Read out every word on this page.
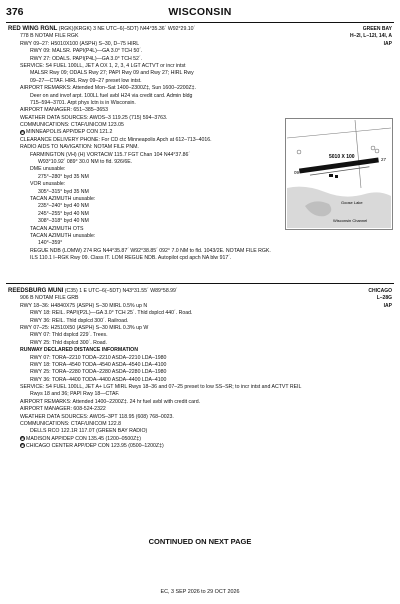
376	WISCONSIN
RED WING RGNL (RGK)(KRGK) 3 NE UTC–6(–5DT) N44°35.36´ W92°29.10´	GREEN BAY
778 B NOTAM FILE RGK	H–2I, L–12I, 14I, A
RWY 09–27: H5010X100 (ASPH) S–30, D–75 HIRL	IAP
RWY 09: MALSR. PAPI(P4L)—GA 3.0° TCH 50´.
RWY 27: ODALS. PAPI(P4L)—GA 3.0° TCH 52´.
SERVICE: S4 FUEL 100LL, JET A OX 1, 2, 3, 4 LGT ACTVT or incr intst
MALSR Rwy 09; ODALS Rwy 27; PAPI Rwy 09 and Rwy 27; HIRL Rwy
09–27—CTAF. HIRL Rwy 09–27 preset low intst.
AIRPORT REMARKS: Attended Mon–Sat 1400–2300Z‡, Sun 1600–2200Z‡.
Deer on and invof arpt. 100LL fuel avbl H24 via credit card. Admin bldg
715–594–3701. Arpt phys lctn is in Wisconsin.
AIRPORT MANAGER: 651–385–3653
WEATHER DATA SOURCES: AWOS–3 119.25 (715) 594–3763.
COMMUNICATIONS: CTAF/UNICOM 123.05
R MINNEAPOLIS APP/DEP CON 121.2
CLEARANCE DELIVERY PHONE: For CD ctc Minneapolis Apch at 612–713–4016.
RADIO AIDS TO NAVIGATION: NOTAM FILE PNM.
FARMINGTON (VH) (H) VORTACW 115.7 FGT Chan 104 N44°37.86´
W93°10.92´ 089° 30.0 NM to fld. 926/6E.
DME unusable:
275°–280° byd 35 NM
VOR unusable:
305°–315° byd 35 NM
TACAN AZIMUTH unusable:
235°–240° byd 40 NM
245°–255° byd 40 NM
308°–318° byd 40 NM
TACAN AZIMUTH OTS
TACAN AZIMUTH unusable:
140°–359°
REGUE NDB (LOMW) 274 RG N44°35.87´ W92°38.85´ 092° 7.0 NM to fld. 1043/2E. NOTAM FILE RGK.
ILS 110.1 I–RGK Rwy 09. Class IT. LOM REGUE NDB. Autopilot cpd apch NA blw 917´.
5010 X 100
09
27
Goose Lake
Wisconsin Channel
REEDSBURG MUNI (C35) 1 E UTC–6(–5DT) N43°31.55´ W89°58.99´	CHICAGO
906 B NOTAM FILE GRB	L–28G
RWY 18–36: H4840X75 (ASPH) S–30 MIRL 0.5% up N	IAP
RWY 18: REIL. PAPI(P2L)—GA 3.0° TCH 25´. Thld dsplcd 440´. Road.
RWY 36: REIL. Thld dsplcd 300´. Railroad.
RWY 07–25: H2510X50 (ASPH) S–30 MIRL 0.3% up W
RWY 07: Thld dsplcd 229´. Trees.
RWY 25: Thld dsplcd 300´. Road.
RUNWAY DECLARED DISTANCE INFORMATION
RWY 07: TORA–2210 TODA–2210 ASDA–2210 LDA–1980
RWY 18: TORA–4540 TODA–4540 ASDA–4540 LDA–4100
RWY 25: TORA–2280 TODA–2280 ASDA–2280 LDA–1980
RWY 36: TORA–4400 TODA–4400 ASDA–4400 LDA–4100
SERVICE: S4 FUEL 100LL, JET A+ LGT MIRL Rwys 18–36 and 07–25 preset to low SS–SR; to incr intst and ACTVT REIL
Rwys 18 and 36; PAPI Rwy 18—CTAF.
AIRPORT REMARKS: Attended 1400–2200Z‡. 24 hr fuel avbl with credit card.
AIRPORT MANAGER: 608-524-2322
WEATHER DATA SOURCES: AWOS–3PT 118.95 (608) 768–0023.
COMMUNICATIONS: CTAF/UNICOM 122.8
DELLS RCO 122.1R 117.0T (GREEN BAY RADIO)
R MADISON APP/DEP CON 135.45 (1200–0500Z‡)
R CHICAGO CENTER APP/DEP CON 123.95 (0500–1200Z‡)
CONTINUED ON NEXT PAGE
EC, 3 SEP 2026 to 29 OCT 2026
